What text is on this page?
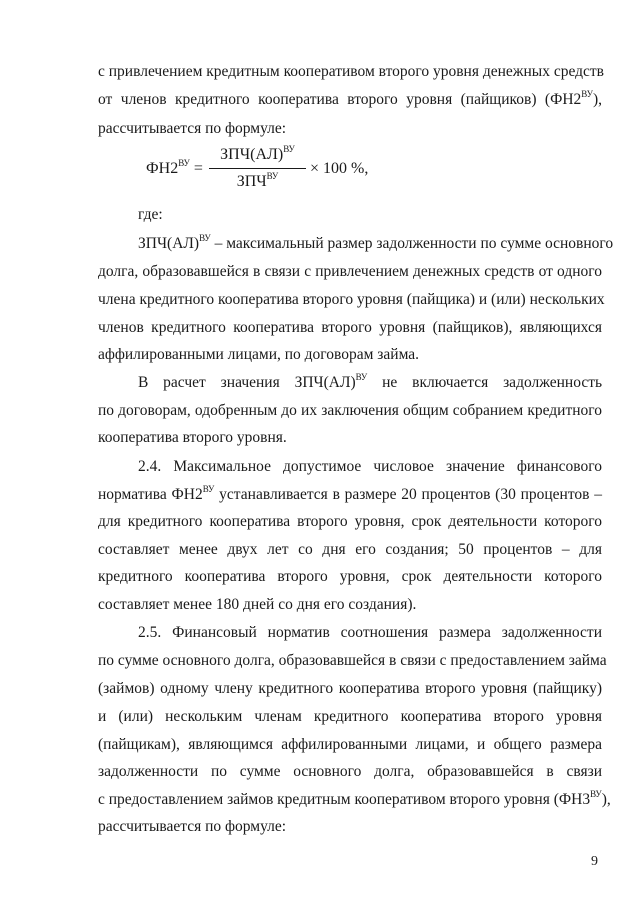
с привлечением кредитным кооперативом второго уровня денежных средств
от членов кредитного кооператива второго уровня (пайщиков) $(ФН2^{ВУ})$,
рассчитывается по формуле:
$ФН2^{ВУ}$ =
ЗПЧ(АЛ)$^{ВУ}$
$ЗПЧ^{ВУ}$	× 100 %,
где:
ЗПЧ(АЛ)$^{ВУ}$ – максимальный размер задолженности по сумме основного
долга, образовавшейся в связи с привлечением денежных средств от одного
члена кредитного кооператива второго уровня (пайщика) и (или) нескольких
членов кредитного кооператива второго уровня (пайщиков), являющихся
аффилированными лицами, по договорам займа.
В расчет значения ЗПЧ(АЛ)$^{ВУ}$ не включается задолженность
по договорам, одобренным до их заключения общим собранием кредитного
кооператива второго уровня.
2.4. Максимальное допустимое числовое значение финансового
норматива $ФН2^{ВУ}$ устанавливается в размере 20 процентов (30 процентов –
для кредитного кооператива второго уровня, срок деятельности которого
составляет менее двух лет со дня его создания; 50 процентов – для
кредитного кооператива второго уровня, срок деятельности которого
составляет менее 180 дней со дня его создания).
2.5. Финансовый норматив соотношения размера задолженности
по сумме основного долга, образовавшейся в связи с предоставлением займа
(займов) одному члену кредитного кооператива второго уровня (пайщику)
и (или) нескольким членам кредитного кооператива второго уровня
(пайщикам), являющимся аффилированными лицами, и общего размера
задолженности по сумме основного долга, образовавшейся в связи
с предоставлением займов кредитным кооперативом второго уровня $(ФН3^{ВУ})$,
рассчитывается по формуле:
9
